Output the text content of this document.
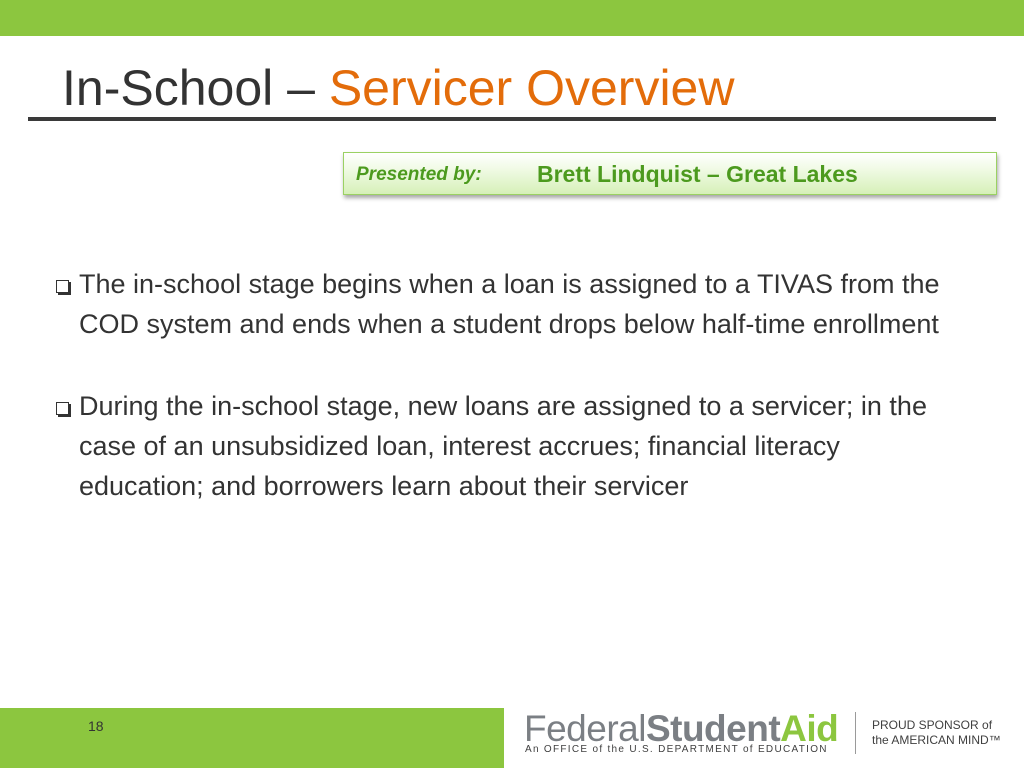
In-School – Servicer Overview
Presented by: Brett Lindquist – Great Lakes
The in-school stage begins when a loan is assigned to a TIVAS from the COD system and ends when a student drops below half-time enrollment
During the in-school stage, new loans are assigned to a servicer; in the case of an unsubsidized loan, interest accrues; financial literacy education; and borrowers learn about their servicer
18	FederalStudentAid
An OFFICE of the U.S. DEPARTMENT of EDUCATION
PROUD SPONSOR of
the AMERICAN MIND™
